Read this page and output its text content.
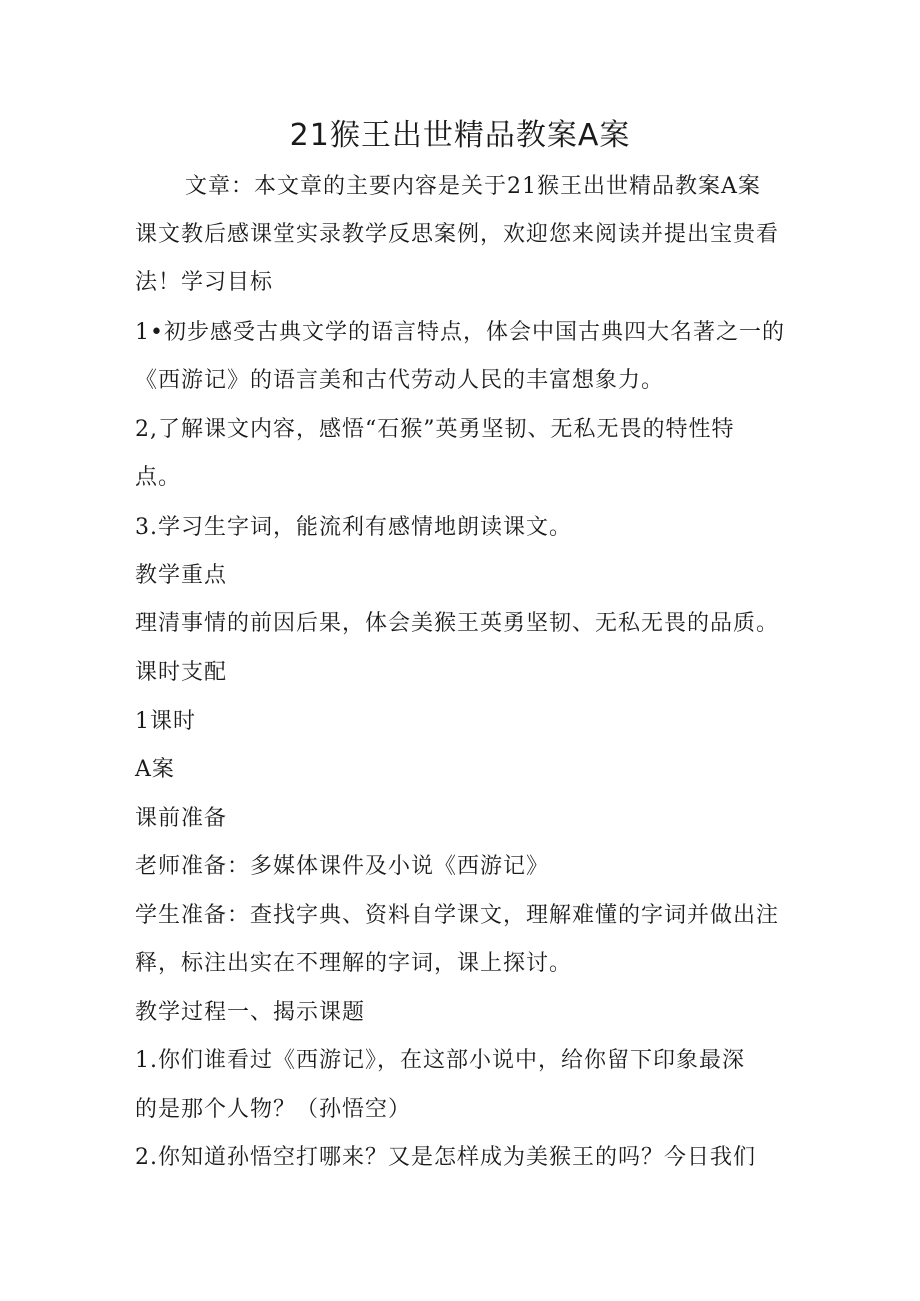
21猴王出世精品教案A案
文章：本文章的主要内容是关于21猴王出世精品教案A案
课文教后感课堂实录教学反思案例，欢迎您来阅读并提出宝贵看
法！学习目标
1•初步感受古典文学的语言特点，体会中国古典四大名著之一的
《西游记》的语言美和古代劳动人民的丰富想象力。
2,了解课文内容，感悟“石猴”英勇坚韧、无私无畏的特性特
点。
3.学习生字词，能流利有感情地朗读课文。
教学重点
理清事情的前因后果，体会美猴王英勇坚韧、无私无畏的品质。
课时支配
1课时
A案
课前准备
老师准备：多媒体课件及小说《西游记》
学生准备：查找字典、资料自学课文，理解难懂的字词并做出注
释，标注出实在不理解的字词，课上探讨。
教学过程一、揭示课题
1.你们谁看过《西游记》，在这部小说中，给你留下印象最深
的是那个人物？（孙悟空）
2.你知道孙悟空打哪来？又是怎样成为美猴王的吗？今日我们
